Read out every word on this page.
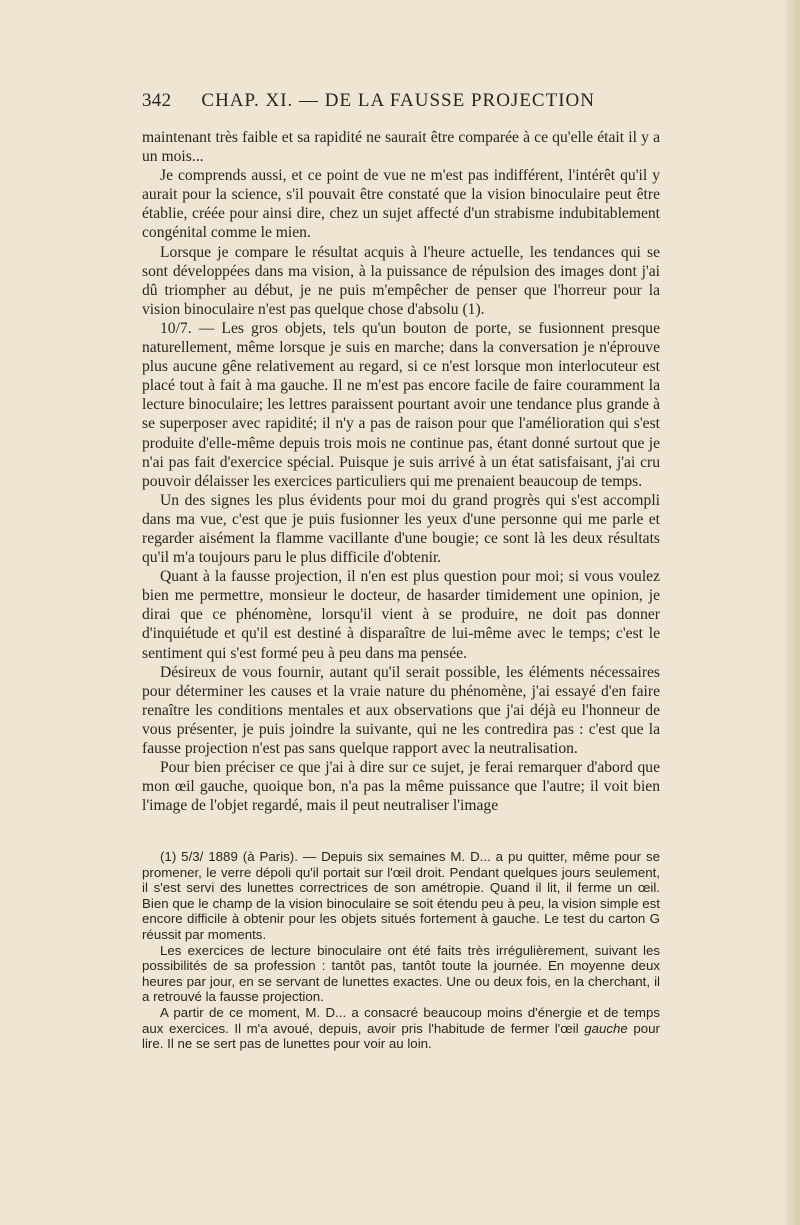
342 CHAP. XI. — DE LA FAUSSE PROJECTION

maintenant très faible et sa rapidité ne saurait être comparée à ce qu'elle était il y a un mois...

Je comprends aussi, et ce point de vue ne m'est pas indifférent, l'intérêt qu'il y aurait pour la science, s'il pouvait être constaté que la vision binoculaire peut être établie, créée pour ainsi dire, chez un sujet affecté d'un strabisme indubitablement congénital comme le mien.

Lorsque je compare le résultat acquis à l'heure actuelle, les tendances qui se sont développées dans ma vision, à la puissance de répulsion des images dont j'ai dû triompher au début, je ne puis m'empêcher de penser que l'horreur pour la vision binoculaire n'est pas quelque chose d'absolu (1).

10/7. — Les gros objets, tels qu'un bouton de porte, se fusionnent presque naturellement, même lorsque je suis en marche; dans la conversation je n'éprouve plus aucune gêne relativement au regard, si ce n'est lorsque mon interlocuteur est placé tout à fait à ma gauche. Il ne m'est pas encore facile de faire couramment la lecture binoculaire; les lettres paraissent pourtant avoir une tendance plus grande à se superposer avec rapidité; il n'y a pas de raison pour que l'amélioration qui s'est produite d'elle-même depuis trois mois ne continue pas, étant donné surtout que je n'ai pas fait d'exercice spécial. Puisque je suis arrivé à un état satisfaisant, j'ai cru pouvoir délaisser les exercices particuliers qui me prenaient beaucoup de temps.

Un des signes les plus évidents pour moi du grand progrès qui s'est accompli dans ma vue, c'est que je puis fusionner les yeux d'une personne qui me parle et regarder aisément la flamme vacillante d'une bougie; ce sont là les deux résultats qu'il m'a toujours paru le plus difficile d'obtenir.

Quant à la fausse projection, il n'en est plus question pour moi; si vous voulez bien me permettre, monsieur le docteur, de hasarder timidement une opinion, je dirai que ce phénomène, lorsqu'il vient à se produire, ne doit pas donner d'inquiétude et qu'il est destiné à disparaître de lui-même avec le temps; c'est le sentiment qui s'est formé peu à peu dans ma pensée.

Désireux de vous fournir, autant qu'il serait possible, les éléments nécessaires pour déterminer les causes et la vraie nature du phénomène, j'ai essayé d'en faire renaître les conditions mentales et aux observations que j'ai déjà eu l'honneur de vous présenter, je puis joindre la suivante, qui ne les contredira pas : c'est que la fausse projection n'est pas sans quelque rapport avec la neutralisation.

Pour bien préciser ce que j'ai à dire sur ce sujet, je ferai remarquer d'abord que mon œil gauche, quoique bon, n'a pas la même puissance que l'autre; il voit bien l'image de l'objet regardé, mais il peut neutraliser l'image

(1) 5/3/ 1889 (à Paris). — Depuis six semaines M. D... a pu quitter, même pour se promener, le verre dépoli qu'il portait sur l'œil droit. Pendant quelques jours seulement, il s'est servi des lunettes correctrices de son amétropie. Quand il lit, il ferme un œil. Bien que le champ de la vision binoculaire se soit étendu peu à peu, la vision simple est encore difficile à obtenir pour les objets situés fortement à gauche. Le test du carton G réussit par moments.

Les exercices de lecture binoculaire ont été faits très irrégulièrement, suivant les possibilités de sa profession : tantôt pas, tantôt toute la journée. En moyenne deux heures par jour, en se servant de lunettes exactes. Une ou deux fois, en la cherchant, il a retrouvé la fausse projection.

A partir de ce moment, M. D... a consacré beaucoup moins d'énergie et de temps aux exercices. Il m'a avoué, depuis, avoir pris l'habitude de fermer l'œil gauche pour lire. Il ne se sert pas de lunettes pour voir au loin.
